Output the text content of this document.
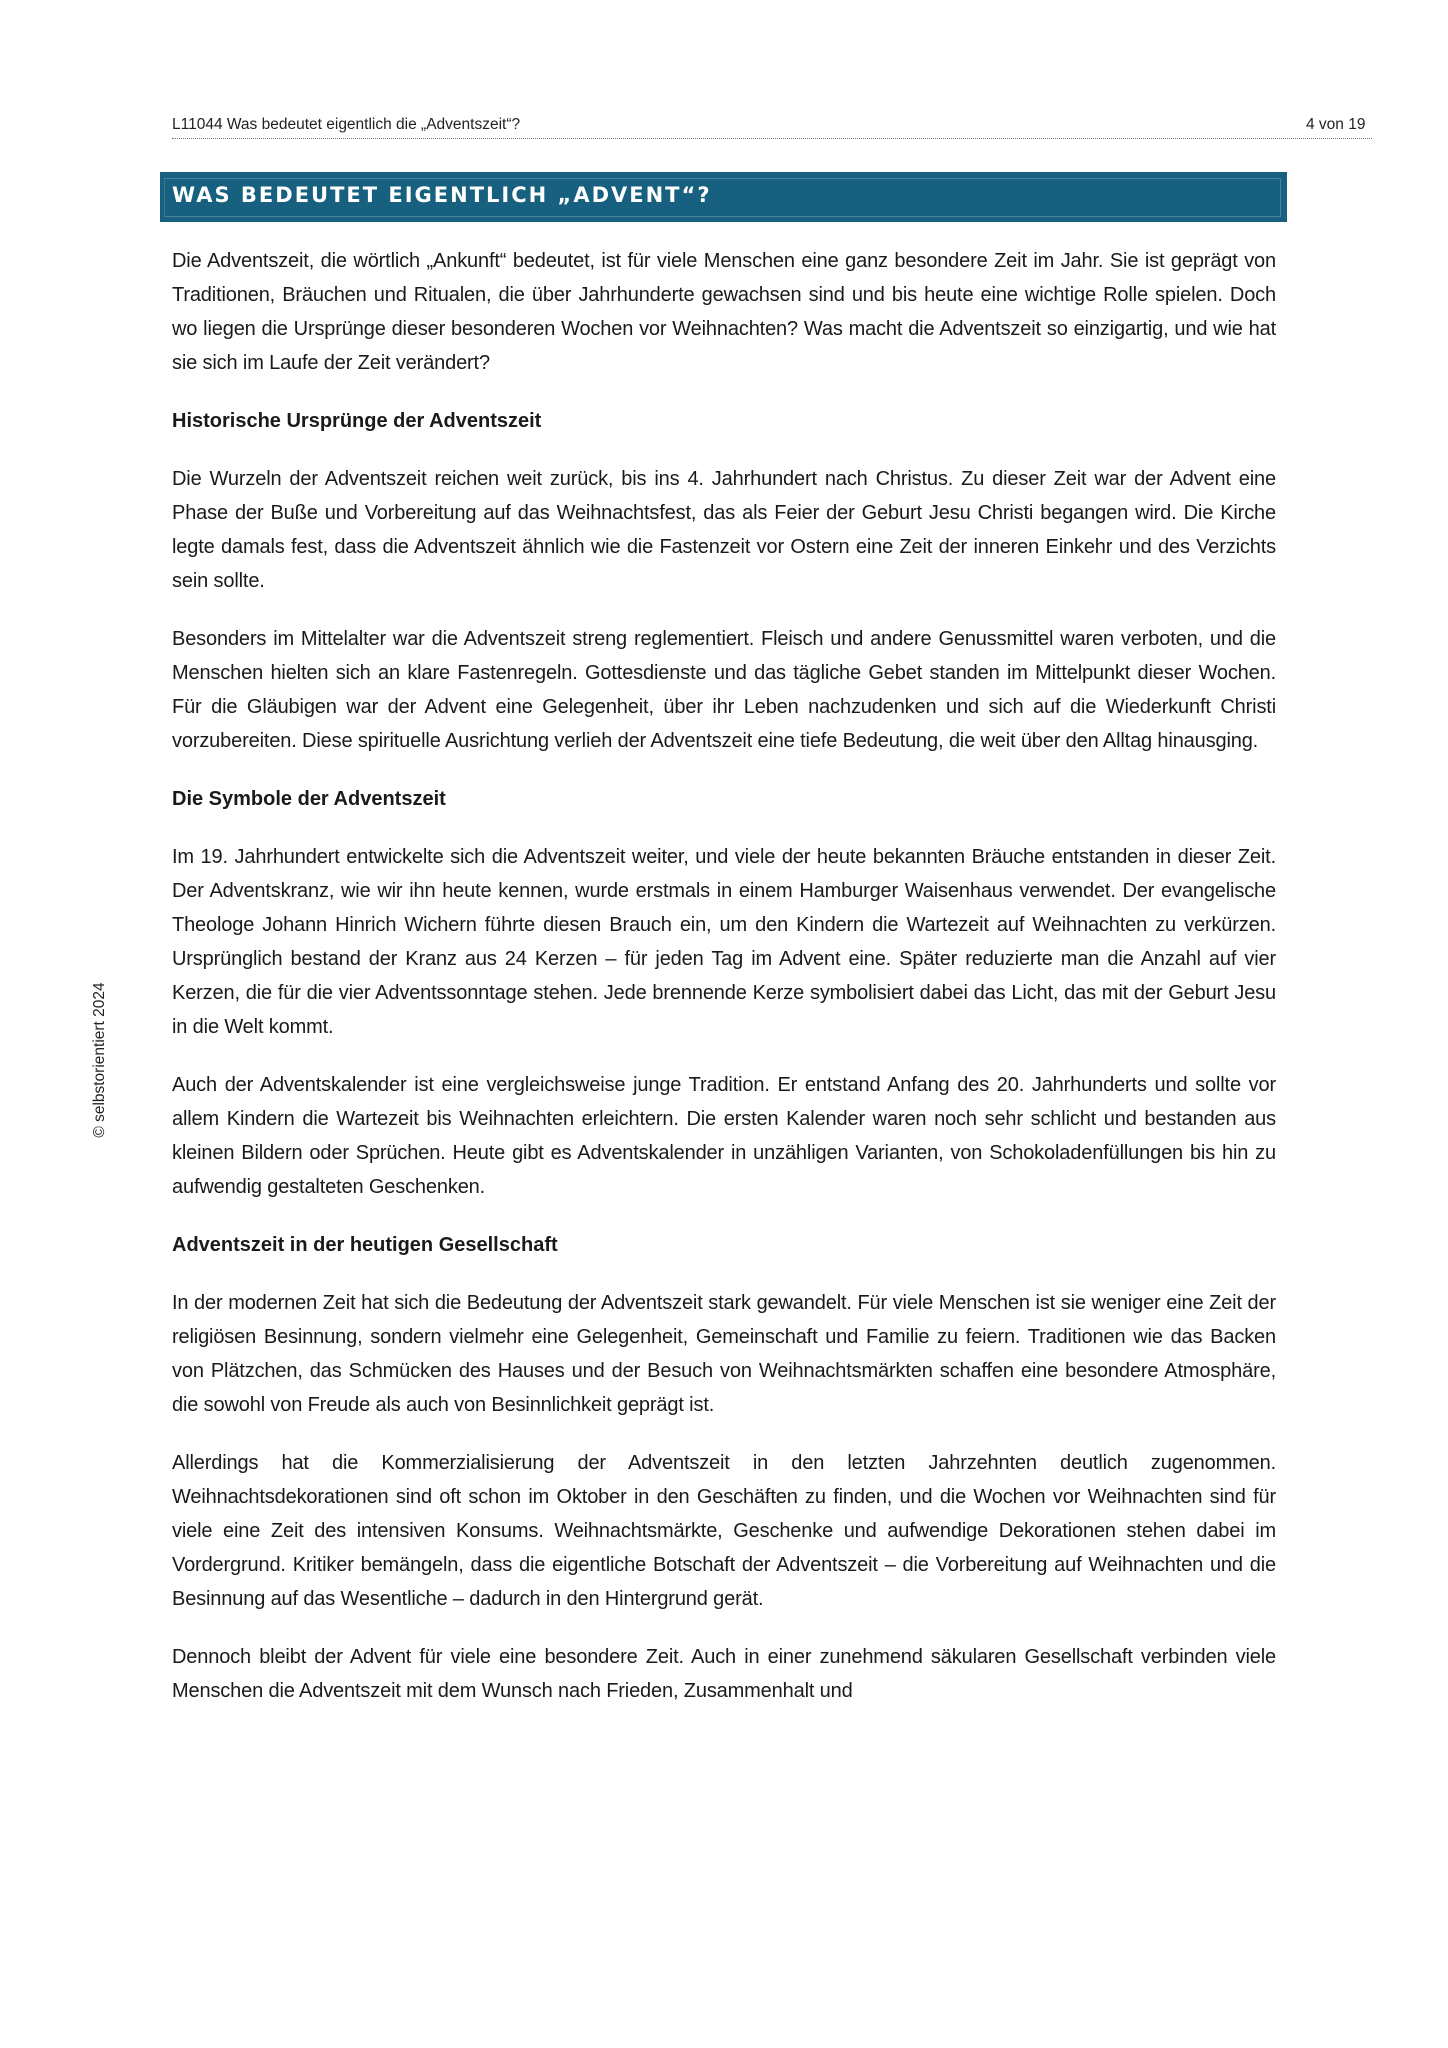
L11044 Was bedeutet eigentlich die „Adventszeit“?	4 von 19
WAS BEDEUTET EIGENTLICH „ADVENT“?
© selbstorientiert 2024

Die Adventszeit, die wörtlich „Ankunft“ bedeutet, ist für viele Menschen eine ganz besondere Zeit im Jahr. Sie ist geprägt von Traditionen, Bräuchen und Ritualen, die über Jahrhunderte gewachsen sind und bis heute eine wichtige Rolle spielen. Doch wo liegen die Ursprünge dieser besonderen Wochen vor Weihnachten? Was macht die Adventszeit so einzigartig, und wie hat sie sich im Laufe der Zeit verändert?

Historische Ursprünge der Adventszeit

Die Wurzeln der Adventszeit reichen weit zurück, bis ins 4. Jahrhundert nach Christus. Zu dieser Zeit war der Advent eine Phase der Buße und Vorbereitung auf das Weihnachtsfest, das als Feier der Geburt Jesu Christi begangen wird. Die Kirche legte damals fest, dass die Adventszeit ähnlich wie die Fastenzeit vor Ostern eine Zeit der inneren Einkehr und des Verzichts sein sollte.

Besonders im Mittelalter war die Adventszeit streng reglementiert. Fleisch und andere Genussmittel waren verboten, und die Menschen hielten sich an klare Fastenregeln. Gottesdienste und das tägliche Gebet standen im Mittelpunkt dieser Wochen. Für die Gläubigen war der Advent eine Gelegenheit, über ihr Leben nachzudenken und sich auf die Wiederkunft Christi vorzubereiten. Diese spirituelle Ausrichtung verlieh der Adventszeit eine tiefe Bedeutung, die weit über den Alltag hinausging.

Die Symbole der Adventszeit

Im 19. Jahrhundert entwickelte sich die Adventszeit weiter, und viele der heute bekannten Bräuche entstanden in dieser Zeit. Der Adventskranz, wie wir ihn heute kennen, wurde erstmals in einem Hamburger Waisenhaus verwendet. Der evangelische Theologe Johann Hinrich Wichern führte diesen Brauch ein, um den Kindern die Wartezeit auf Weihnachten zu verkürzen. Ursprünglich bestand der Kranz aus 24 Kerzen – für jeden Tag im Advent eine. Später reduzierte man die Anzahl auf vier Kerzen, die für die vier Adventssonntage stehen. Jede brennende Kerze symbolisiert dabei das Licht, das mit der Geburt Jesu in die Welt kommt.

Auch der Adventskalender ist eine vergleichsweise junge Tradition. Er entstand Anfang des 20. Jahrhunderts und sollte vor allem Kindern die Wartezeit bis Weihnachten erleichtern. Die ersten Kalender waren noch sehr schlicht und bestanden aus kleinen Bildern oder Sprüchen. Heute gibt es Adventskalender in unzähligen Varianten, von Schokoladenfüllungen bis hin zu aufwendig gestalteten Geschenken.

Adventszeit in der heutigen Gesellschaft

In der modernen Zeit hat sich die Bedeutung der Adventszeit stark gewandelt. Für viele Menschen ist sie weniger eine Zeit der religiösen Besinnung, sondern vielmehr eine Gelegenheit, Gemeinschaft und Familie zu feiern. Traditionen wie das Backen von Plätzchen, das Schmücken des Hauses und der Besuch von Weihnachtsmärkten schaffen eine besondere Atmosphäre, die sowohl von Freude als auch von Besinnlichkeit geprägt ist.

Allerdings hat die Kommerzialisierung der Adventszeit in den letzten Jahrzehnten deutlich zugenommen. Weihnachtsdekorationen sind oft schon im Oktober in den Geschäften zu finden, und die Wochen vor Weihnachten sind für viele eine Zeit des intensiven Konsums. Weihnachtsmärkte, Geschenke und aufwendige Dekorationen stehen dabei im Vordergrund. Kritiker bemängeln, dass die eigentliche Botschaft der Adventszeit – die Vorbereitung auf Weihnachten und die Besinnung auf das Wesentliche – dadurch in den Hintergrund gerät.

Dennoch bleibt der Advent für viele eine besondere Zeit. Auch in einer zunehmend säkularen Gesellschaft verbinden viele Menschen die Adventszeit mit dem Wunsch nach Frieden, Zusammenhalt und
